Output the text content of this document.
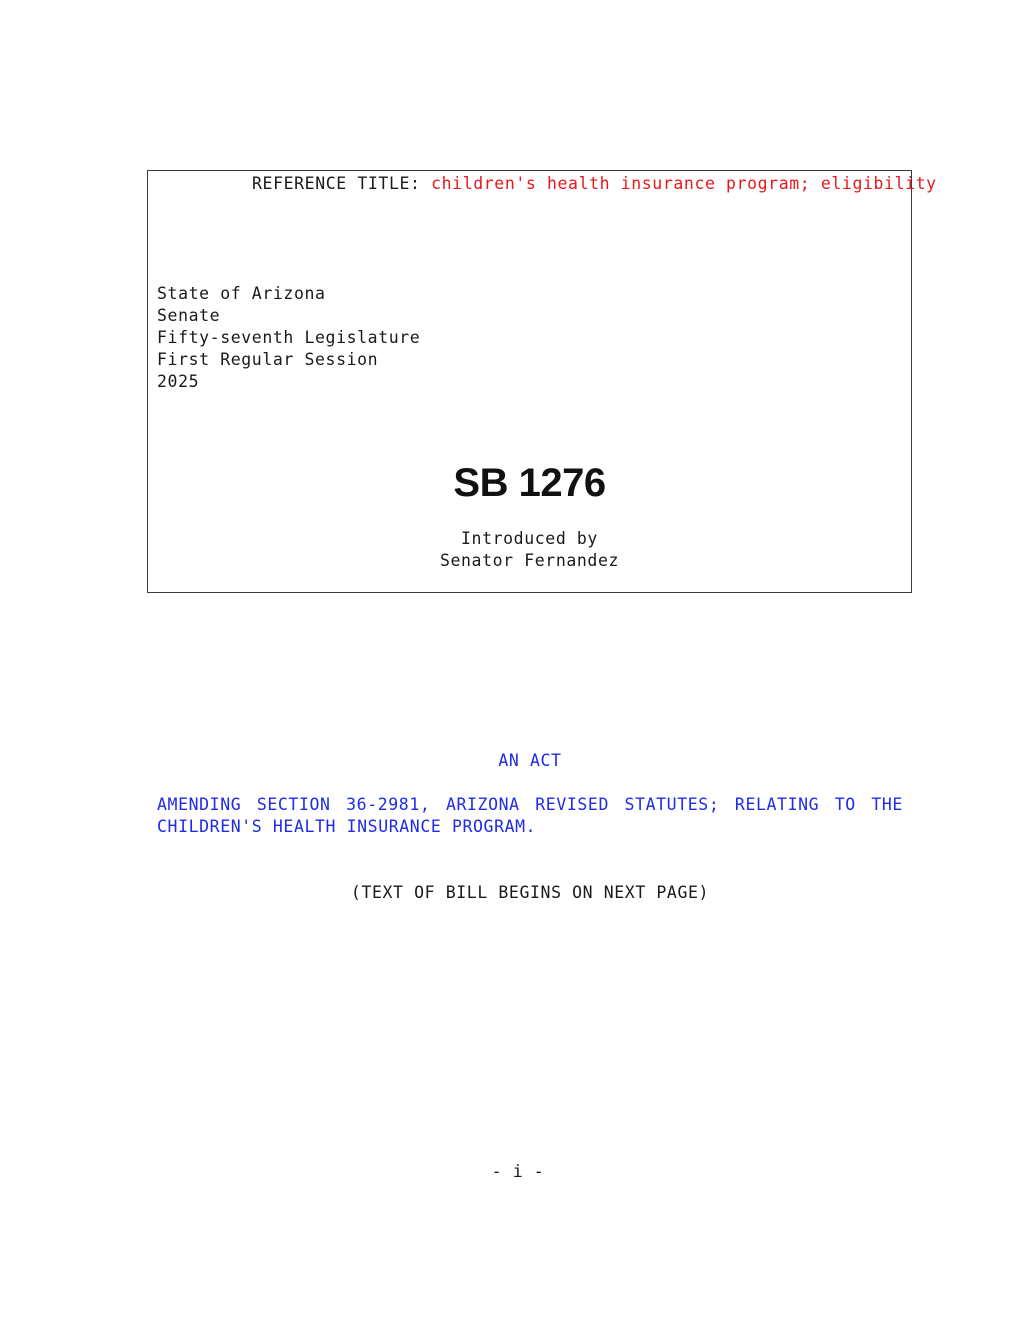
REFERENCE TITLE: children's health insurance program; eligibility
State of Arizona
Senate
Fifty-seventh Legislature
First Regular Session
2025
SB 1276
Introduced by
Senator Fernandez
AN ACT
AMENDING SECTION 36-2981, ARIZONA REVISED STATUTES; RELATING TO THE
CHILDREN'S HEALTH INSURANCE PROGRAM.
(TEXT OF BILL BEGINS ON NEXT PAGE)
- i -
